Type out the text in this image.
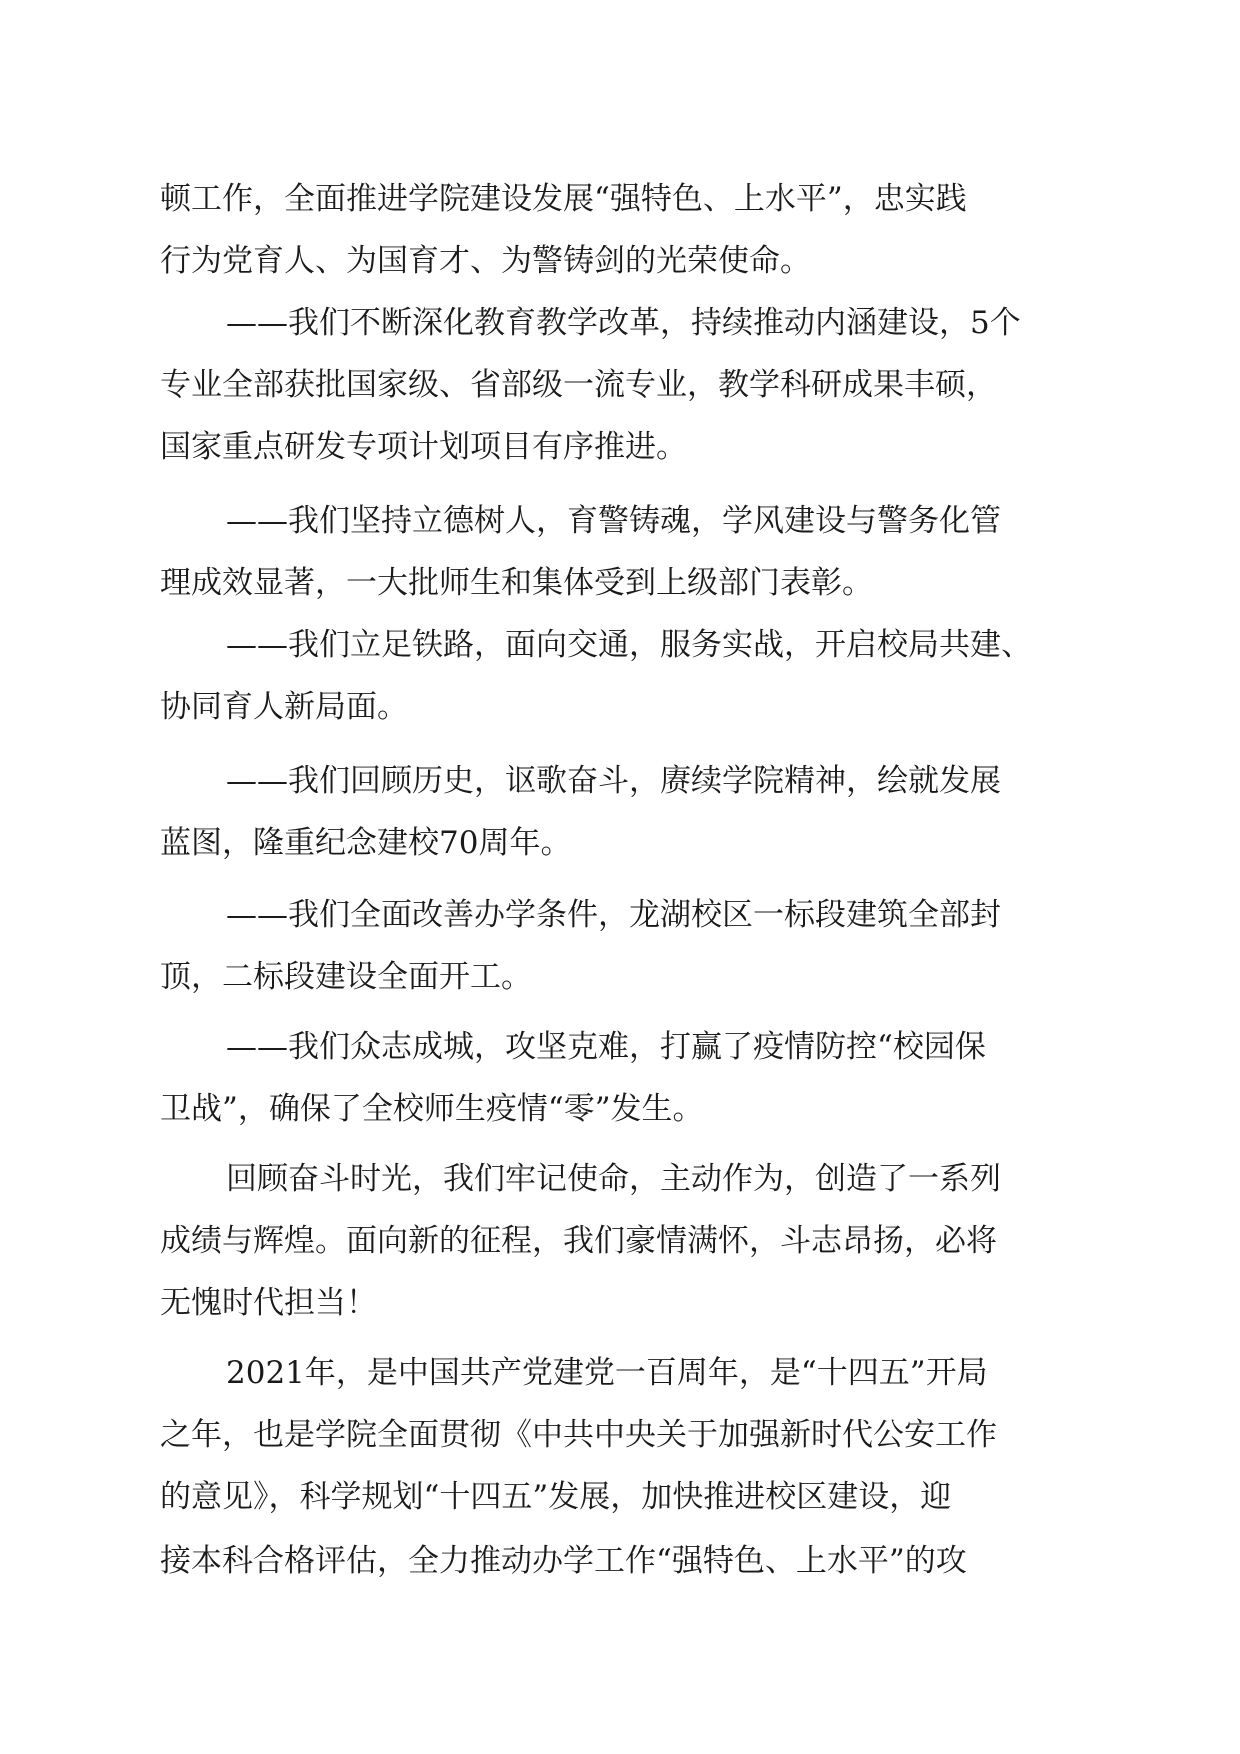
顿工作，全面推进学院建设发展“强特色、上水平”，忠实践
行为党育人、为国育才、为警铸剑的光荣使命。
——我们不断深化教育教学改革，持续推动内涵建设，5个
专业全部获批国家级、省部级一流专业，教学科研成果丰硕，
国家重点研发专项计划项目有序推进。
——我们坚持立德树人，育警铸魂，学风建设与警务化管
理成效显著，一大批师生和集体受到上级部门表彰。
——我们立足铁路，面向交通，服务实战，开启校局共建、
协同育人新局面。
——我们回顾历史，讴歌奋斗，赓续学院精神，绘就发展
蓝图，隆重纪念建校70周年。
——我们全面改善办学条件，龙湖校区一标段建筑全部封
顶，二标段建设全面开工。
——我们众志成城，攻坚克难，打赢了疫情防控“校园保
卫战”，确保了全校师生疫情“零”发生。
回顾奋斗时光，我们牢记使命，主动作为，创造了一系列
成绩与辉煌。面向新的征程，我们豪情满怀，斗志昂扬，必将
无愧时代担当！
2021年，是中国共产党建党一百周年，是“十四五”开局
之年，也是学院全面贯彻《中共中央关于加强新时代公安工作
的意见》，科学规划“十四五”发展，加快推进校区建设，迎
接本科合格评估，全力推动办学工作“强特色、上水平”的攻
